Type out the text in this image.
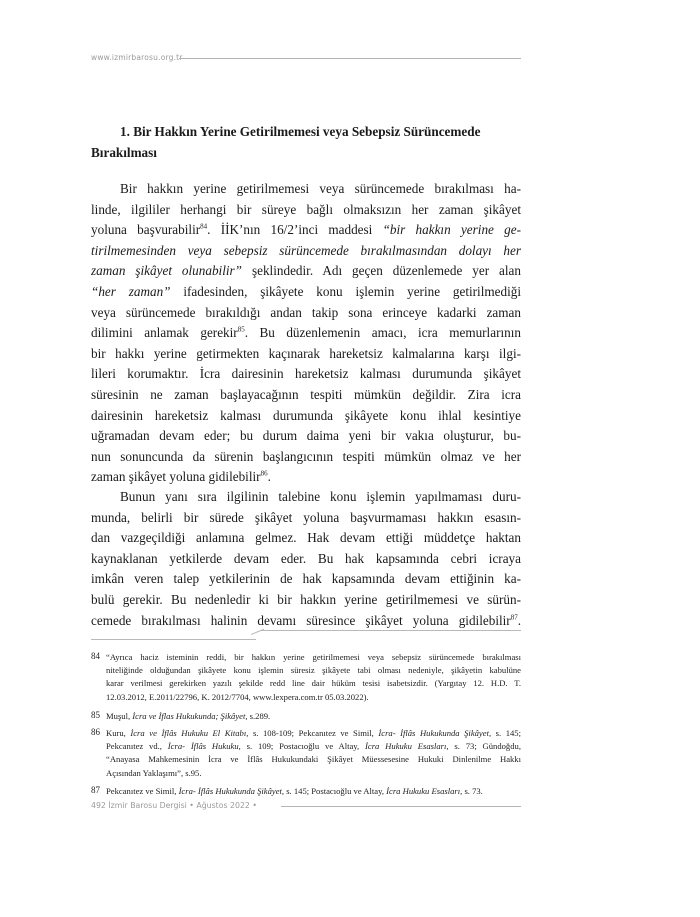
www.izmirbarosu.org.tr
1. Bir Hakkın Yerine Getirilmemesi veya Sebepsiz Sürüncemede
Bırakılması
Bir hakkın yerine getirilmemesi veya sürüncemede bırakılması ha-
linde, ilgililer herhangi bir süreye bağlı olmaksızın her zaman şikâyet
yoluna başvurabilir$^{84}$. İİK’nın 16/2’inci maddesi “bir hakkın yerine ge-
tirilmemesinden veya sebepsiz sürüncemede bırakılmasından dolayı her
zaman şikâyet olunabilir” şeklindedir. Adı geçen düzenlemede yer alan
“her zaman” ifadesinden, şikâyete konu işlemin yerine getirilmediği
veya sürüncemede bırakıldığı andan takip sona erinceye kadarki zaman
dilimini anlamak gerekir$^{85}$. Bu düzenlemenin amacı, icra memurlarının
bir hakkı yerine getirmekten kaçınarak hareketsiz kalmalarına karşı ilgi-
lileri korumaktır. İcra dairesinin hareketsiz kalması durumunda şikâyet
süresinin ne zaman başlayacağının tespiti mümkün değildir. Zira icra
dairesinin hareketsiz kalması durumunda şikâyete konu ihlal kesintiye
uğramadan devam eder; bu durum daima yeni bir vakıa oluşturur, bu-
nun sonuncunda da sürenin başlangıcının tespiti mümkün olmaz ve her
zaman şikâyet yoluna gidilebilir$^{86}$.
Bunun yanı sıra ilgilinin talebine konu işlemin yapılmaması duru-
munda, belirli bir sürede şikâyet yoluna başvurmaması hakkın esasın-
dan vazgeçildiği anlamına gelmez. Hak devam ettiği müddetçe haktan
kaynaklanan yetkilerde devam eder. Bu hak kapsamında cebri icraya
imkân veren talep yetkilerinin de hak kapsamında devam ettiğinin ka-
bulü gerekir. Bu nedenledir ki bir hakkın yerine getirilmemesi ve sürün-
cemede bırakılması halinin devamı süresince şikâyet yoluna gidilebilir$^{87}$.
84 “Ayrıca haciz isteminin reddi, bir hakkın yerine getirilmemesi veya sebepsiz sürüncemede bırakılması
niteliğinde olduğundan şikâyete konu işlemin süresiz şikâyete tabi olması nedeniyle, şikâyetin kabulüne
karar verilmesi gerekirken yazılı şekilde redd line dair hüküm tesisi isabetsizdir. (Yargıtay 12. H.D. T.
12.03.2012, E.2011/22796, K. 2012/7704, www.lexpera.com.tr 05.03.2022).
85 Muşul, İcra ve İflas Hukukunda; Şikâyet, s.289.
86 Kuru, İcra ve İflâs Hukuku El Kitabı, s. 108-109; Pekcanıtez ve Simil, İcra- İflâs Hukukunda Şikâyet, s. 145;
Pekcanıtez vd., İcra- İflâs Hukuku, s. 109; Postacıoğlu ve Altay, İcra Hukuku Esasları, s. 73; Gündoğdu,
“Anayasa Mahkemesinin İcra ve İflâs Hukukundaki Şikâyet Müessesesine Hukuki Dinlenilme Hakkı
Açısından Yaklaşımı”, s.95.
87 Pekcanıtez ve Simil, İcra- İflâs Hukukunda Şikâyet, s. 145; Postacıoğlu ve Altay, İcra Hukuku Esasları, s. 73.
492 İzmir Barosu Dergisi • Ağustos 2022 •
